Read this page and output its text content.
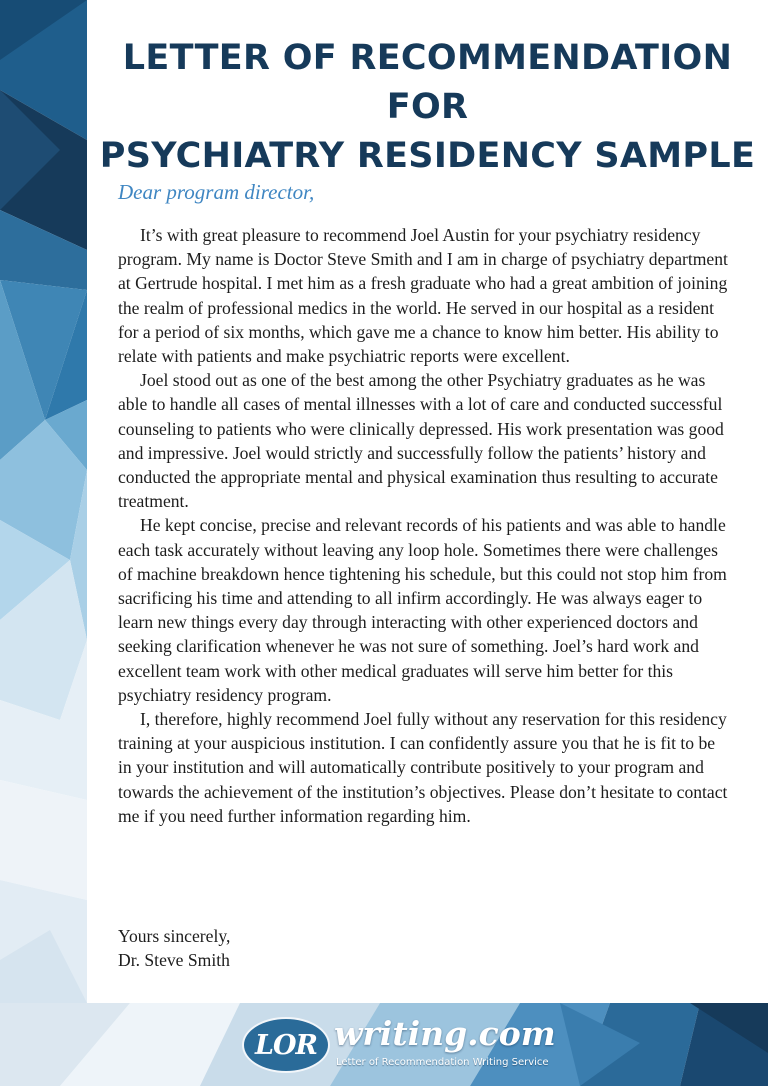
LETTER OF RECOMMENDATION FOR
PSYCHIATRY RESIDENCY SAMPLE

Dear program director,

It’s with great pleasure to recommend Joel Austin for your psychiatry residency program. My name is Doctor Steve Smith and I am in charge of psychiatry department at Gertrude hospital. I met him as a fresh graduate who had a great ambition of joining the realm of professional medics in the world. He served in our hospital as a resident for a period of six months, which gave me a chance to know him better. His ability to relate with patients and make psychiatric reports were excellent.

Joel stood out as one of the best among the other Psychiatry graduates as he was able to handle all cases of mental illnesses with a lot of care and conducted successful counseling to patients who were clinically depressed. His work presentation was good and impressive. Joel would strictly and successfully follow the patients’ history and conducted the appropriate mental and physical examination thus resulting to accurate treatment.

He kept concise, precise and relevant records of his patients and was able to handle each task accurately without leaving any loop hole. Sometimes there were challenges of machine breakdown hence tightening his schedule, but this could not stop him from sacrificing his time and attending to all infirm accordingly. He was always eager to learn new things every day through interacting with other experienced doctors and seeking clarification whenever he was not sure of something. Joel’s hard work and excellent team work with other medical graduates will serve him better for this psychiatry residency program.

I, therefore, highly recommend Joel fully without any reservation for this residency training at your auspicious institution. I can confidently assure you that he is fit to be in your institution and will automatically contribute positively to your program and towards the achievement of the institution’s objectives. Please don’t hesitate to contact me if you need further information regarding him.

Yours sincerely,
Dr. Steve Smith
LOR writing.com
Letter of Recommendation Writing Service
